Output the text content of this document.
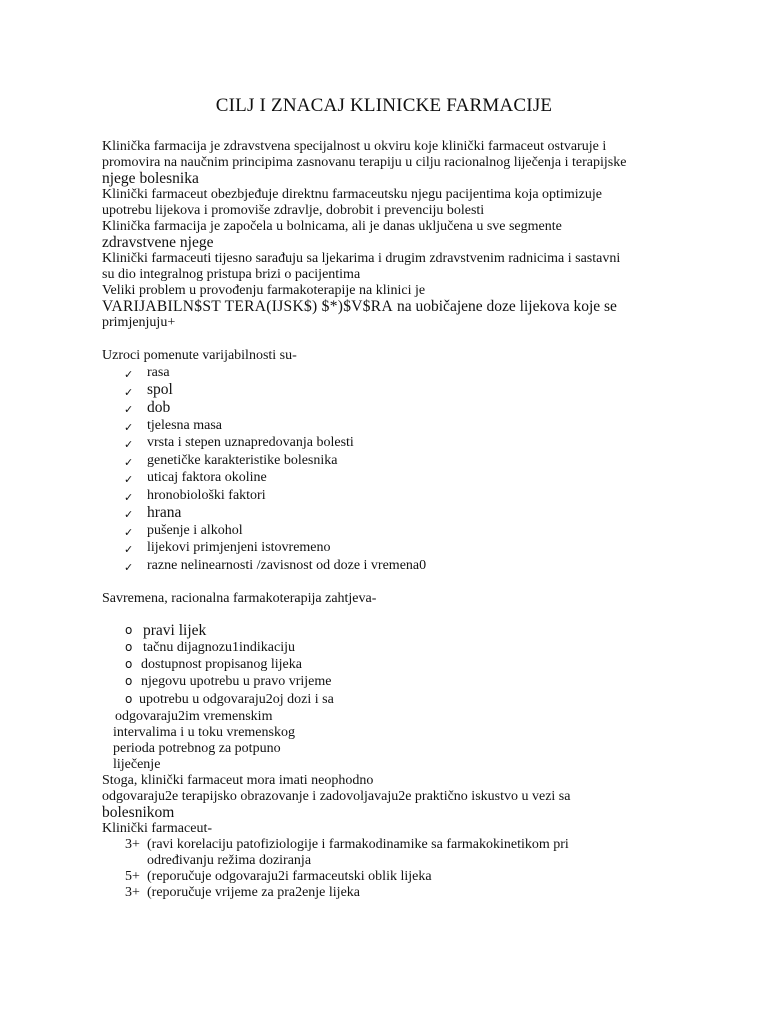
CILJ I ZNACAJ KLINICKE FARMACIJE
Klinička farmacija je zdravstvena specijalnost u okviru koje klinički farmaceut ostvaruje i
promovira na naučnim principima zasnovanu terapiju u cilju racionalnog liječenja i terapijske
njege bolesnika
Klinički farmaceut obezbjeđuje direktnu farmaceutsku njegu pacijentima koja optimizuje
upotrebu lijekova i promoviše zdravlje, dobrobit i prevenciju bolesti
Klinička farmacija je započela u bolnicama, ali je danas uključena u sve segmente
zdravstvene njege
Klinički farmaceuti tijesno sarađuju sa ljekarima i drugim zdravstvenim radnicima i sastavni
su dio integralnog pristupa brizi o pacijentima
Veliki problem u provođenju farmakoterapije na klinici je
VARIJABILN$ST TERA(IJSK$) $*)$V$RA na uobičajene doze lijekova koje se
primjenjuju+
Uzroci pomenute varijabilnosti su-
✓ rasa
✓ spol
✓ dob
✓ tjelesna masa
✓ vrsta i stepen uznapredovanja bolesti
✓ genetičke karakteristike bolesnika
✓ uticaj faktora okoline
✓ hronobiološki faktori
✓ hrana
✓ pušenje i alkohol
✓ lijekovi primjenjeni istovremeno
✓ razne nelinearnosti /zavisnost od doze i vremena0
Savremena, racionalna farmakoterapija zahtjeva-
o pravi lijek
o tačnu dijagnozu1indikaciju
o dostupnost propisanog lijeka
o njegovu upotrebu u pravo vrijeme
o upotrebu u odgovaraju2oj dozi i sa
odgovaraju2im vremenskim
intervalima i u toku vremenskog
perioda potrebnog za potpuno
liječenje
Stoga, klinički farmaceut mora imati neophodno
odgovaraju2e terapijsko obrazovanje i zadovoljavaju2e praktično iskustvo u vezi sa
bolesnikom
Klinički farmaceut-
3+ (ravi korelaciju patofiziologije i farmakodinamike sa farmakokinetikom pri
određivanju režima doziranja
5+ (reporučuje odgovaraju2i farmaceutski oblik lijeka
3+ (reporučuje vrijeme za pra2enje lijeka
